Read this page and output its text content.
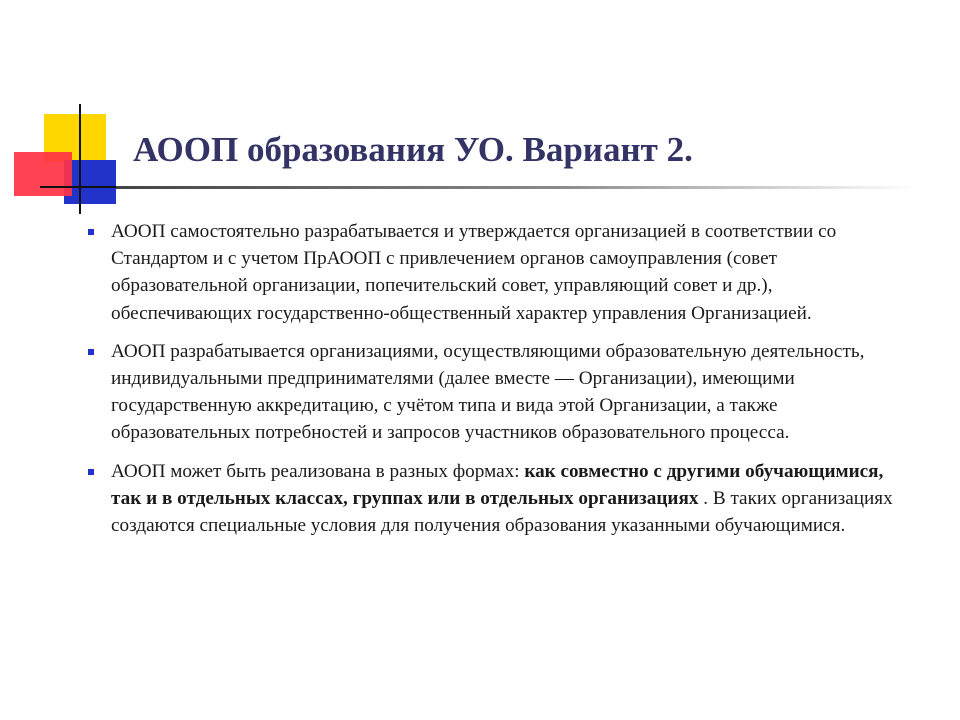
АООП образования УО. Вариант 2.
АООП самостоятельно разрабатывается и утверждается организацией в соответствии со Стандартом и с учетом ПрАООП с привлечением органов самоуправления (совет образовательной организации, попечительский совет, управляющий совет и др.), обеспечивающих государственно-общественный характер управления Организацией.
АООП разрабатывается организациями, осуществляющими образовательную деятельность, индивидуальными предпринимателями (далее вместе — Организации), имеющими государственную аккредитацию, с учётом типа и вида этой Организации, а также образовательных потребностей и запросов участников образовательного процесса.
АООП может быть реализована в разных формах: как совместно с другими обучающимися, так и в отдельных классах, группах или в отдельных организациях . В таких организациях создаются специальные условия для получения образования указанными обучающимися.
